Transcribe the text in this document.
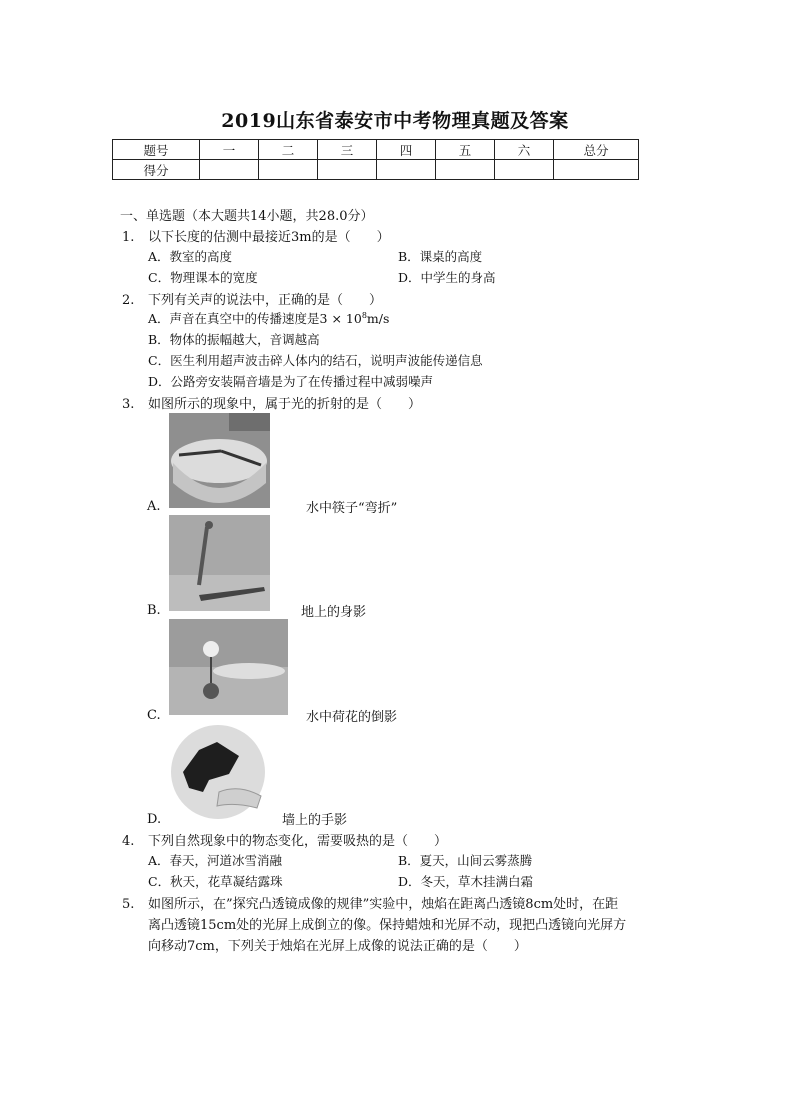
2019山东省泰安市中考物理真题及答案
题号	一	二	三	四	五	六	总分
得分							
一、单选题（本大题共14小题，共28.0分）
1. 以下长度的估测中最接近3m的是（　　）
A．教室的高度	B．课桌的高度
C．物理课本的宽度	D．中学生的身高
2. 下列有关声的说法中，正确的是（　　）
A．声音在真空中的传播速度是$3 \times 10^8m/s$
B．物体的振幅越大，音调越高
C．医生利用超声波击碎人体内的结石，说明声波能传递信息
D．公路旁安装隔音墙是为了在传播过程中减弱噪声
3. 如图所示的现象中，属于光的折射的是（　　）
A.	水中筷子“弯折”
B.	地上的身影
C.	水中荷花的倒影
D.	墙上的手影
4. 下列自然现象中的物态变化，需要吸热的是（　　）
A．春天，河道冰雪消融	B．夏天，山间云雾蒸腾
C．秋天，花草凝结露珠	D．冬天，草木挂满白霜
5. 如图所示，在”探究凸透镜成像的规律”实验中，烛焰在距离凸透镜8cm处时，在距
离凸透镜15cm处的光屏上成倒立的像。保持蜡烛和光屏不动，现把凸透镜向光屏方
向移动7cm，下列关于烛焰在光屏上成像的说法正确的是（　　）
